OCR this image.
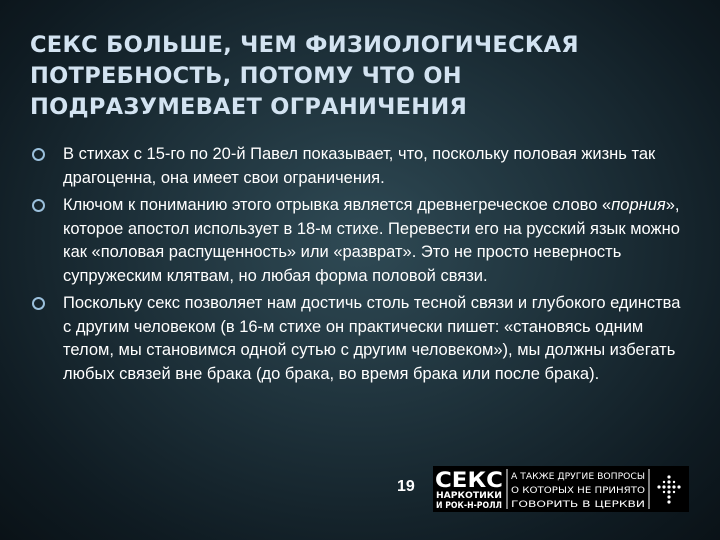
СЕКС БОЛЬШЕ, ЧЕМ ФИЗИОЛОГИЧЕСКАЯ
ПОТРЕБНОСТЬ, ПОТОМУ ЧТО ОН
ПОДРАЗУМЕВАЕТ ОГРАНИЧЕНИЯ
В стихах с 15-го по 20-й Павел показывает, что, поскольку половая жизнь так драгоценна, она имеет свои ограничения.
Ключом к пониманию этого отрывка является древнегреческое слово «порния», которое апостол использует в 18-м стихе. Перевести его на русский язык можно как «половая распущенность» или «разврат». Это не просто неверность супружеским клятвам, но любая форма половой связи.
Поскольку секс позволяет нам достичь столь тесной связи и глубокого единства с другим человеком (в 16-м стихе он практически пишет: «становясь одним телом, мы становимся одной сутью с другим человеком»), мы должны избегать любых связей вне брака (до брака, во время брака или после брака).
19 СЕКС
НАРКОТИКИ
И РОК-Н-РОЛЛ
А ТАКЖЕ ДРУГИЕ ВОПРОСЫ
О КОТОРЫХ НЕ ПРИНЯТО
ГОВОРИТЬ В ЦЕРКВИ
